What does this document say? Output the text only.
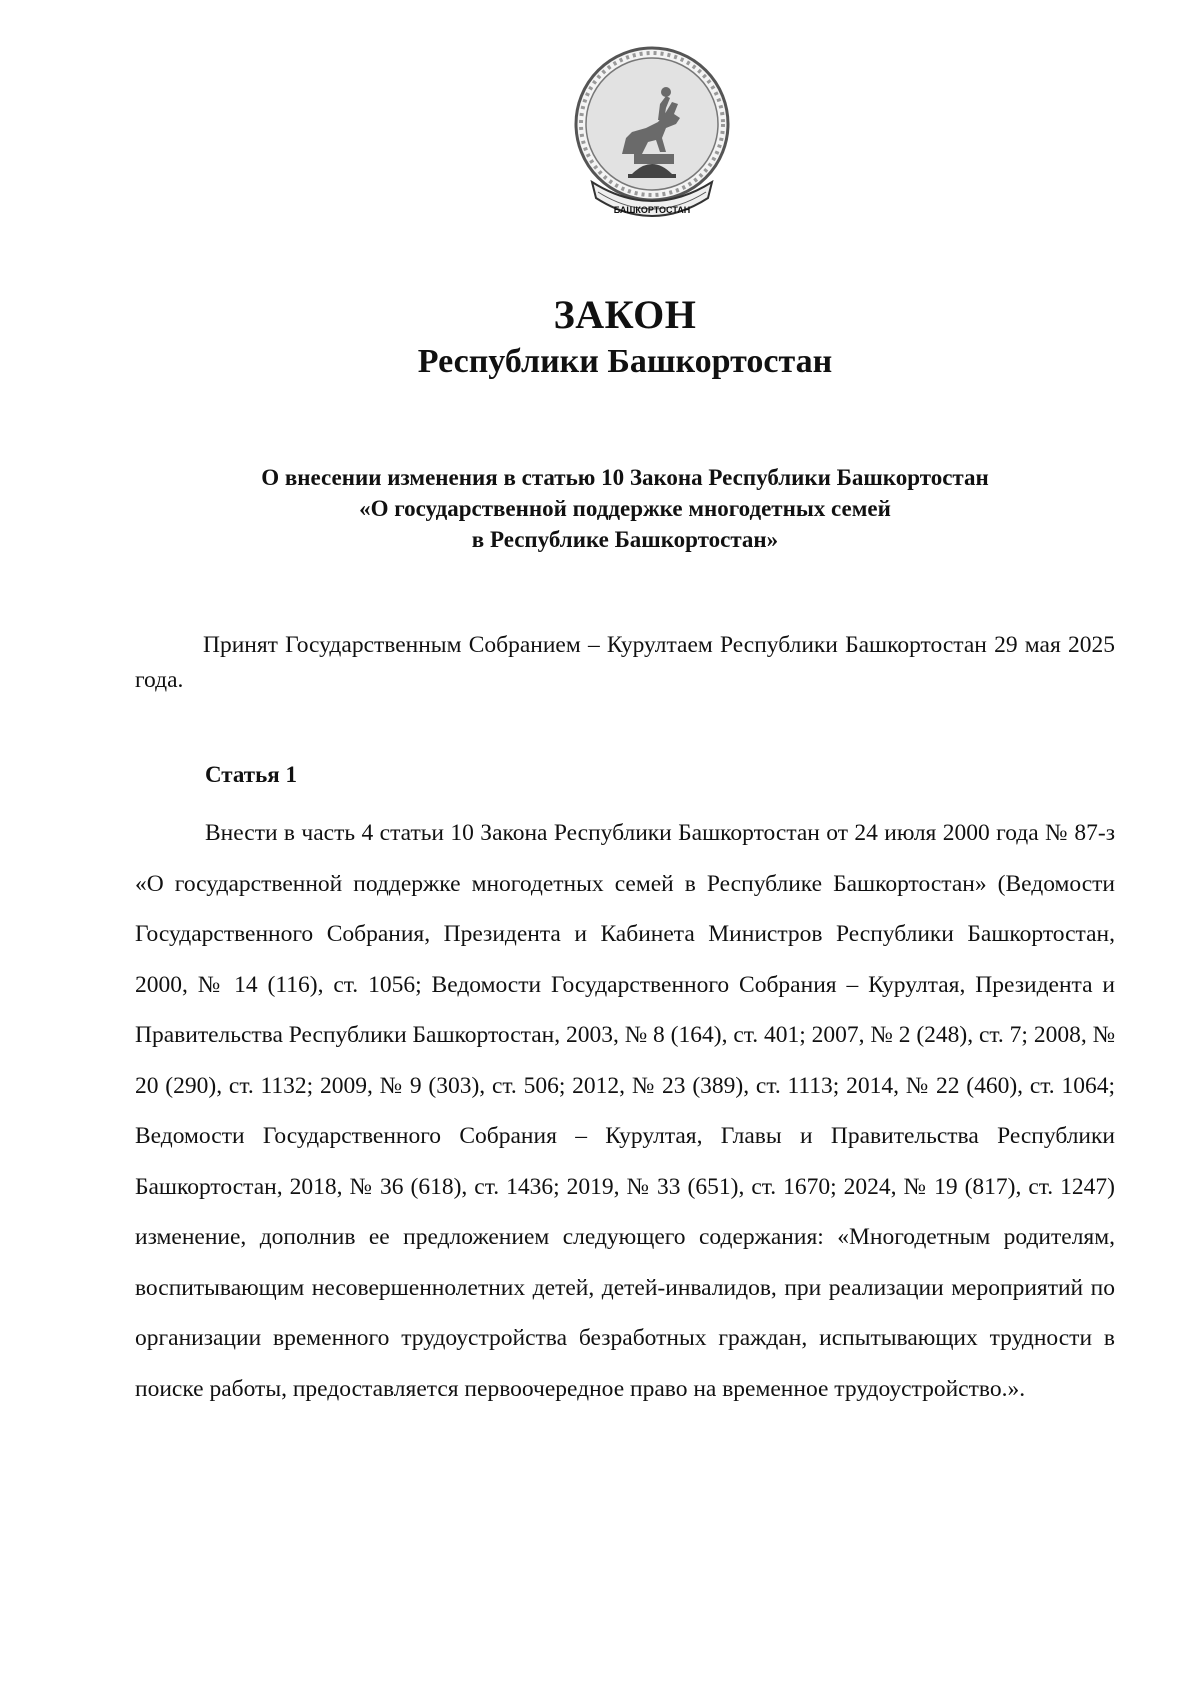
БАШКОРТОСТАН
ЗАКОН
Республики Башкортостан
О внесении изменения в статью 10 Закона Республики Башкортостан
«О государственной поддержке многодетных семей
в Республике Башкортостан»
Принят Государственным Собранием – Курултаем Республики Башкортостан 29 мая 2025 года.
Статья 1
Внести в часть 4 статьи 10 Закона Республики Башкортостан от 24 июля 2000 года № 87-з «О государственной поддержке многодетных семей в Республике Башкортостан» (Ведомости Государственного Собрания, Президента и Кабинета Министров Республики Башкортостан, 2000, № 14 (116), ст. 1056; Ведомости Государственного Собрания – Курултая, Президента и Правительства Республики Башкортостан, 2003, № 8 (164), ст. 401; 2007, № 2 (248), ст. 7; 2008, № 20 (290), ст. 1132; 2009, № 9 (303), ст. 506; 2012, № 23 (389), ст. 1113; 2014, № 22 (460), ст. 1064; Ведомости Государственного Собрания – Курултая, Главы и Правительства Республики Башкортостан, 2018, № 36 (618), ст. 1436; 2019, № 33 (651), ст. 1670; 2024, № 19 (817), ст. 1247) изменение, дополнив ее предложением следующего содержания: «Многодетным родителям, воспитывающим несовершеннолетних детей, детей-инвалидов, при реализации мероприятий по организации временного трудоустройства безработных граждан, испытывающих трудности в поиске работы, предоставляется первоочередное право на временное трудоустройство.».
